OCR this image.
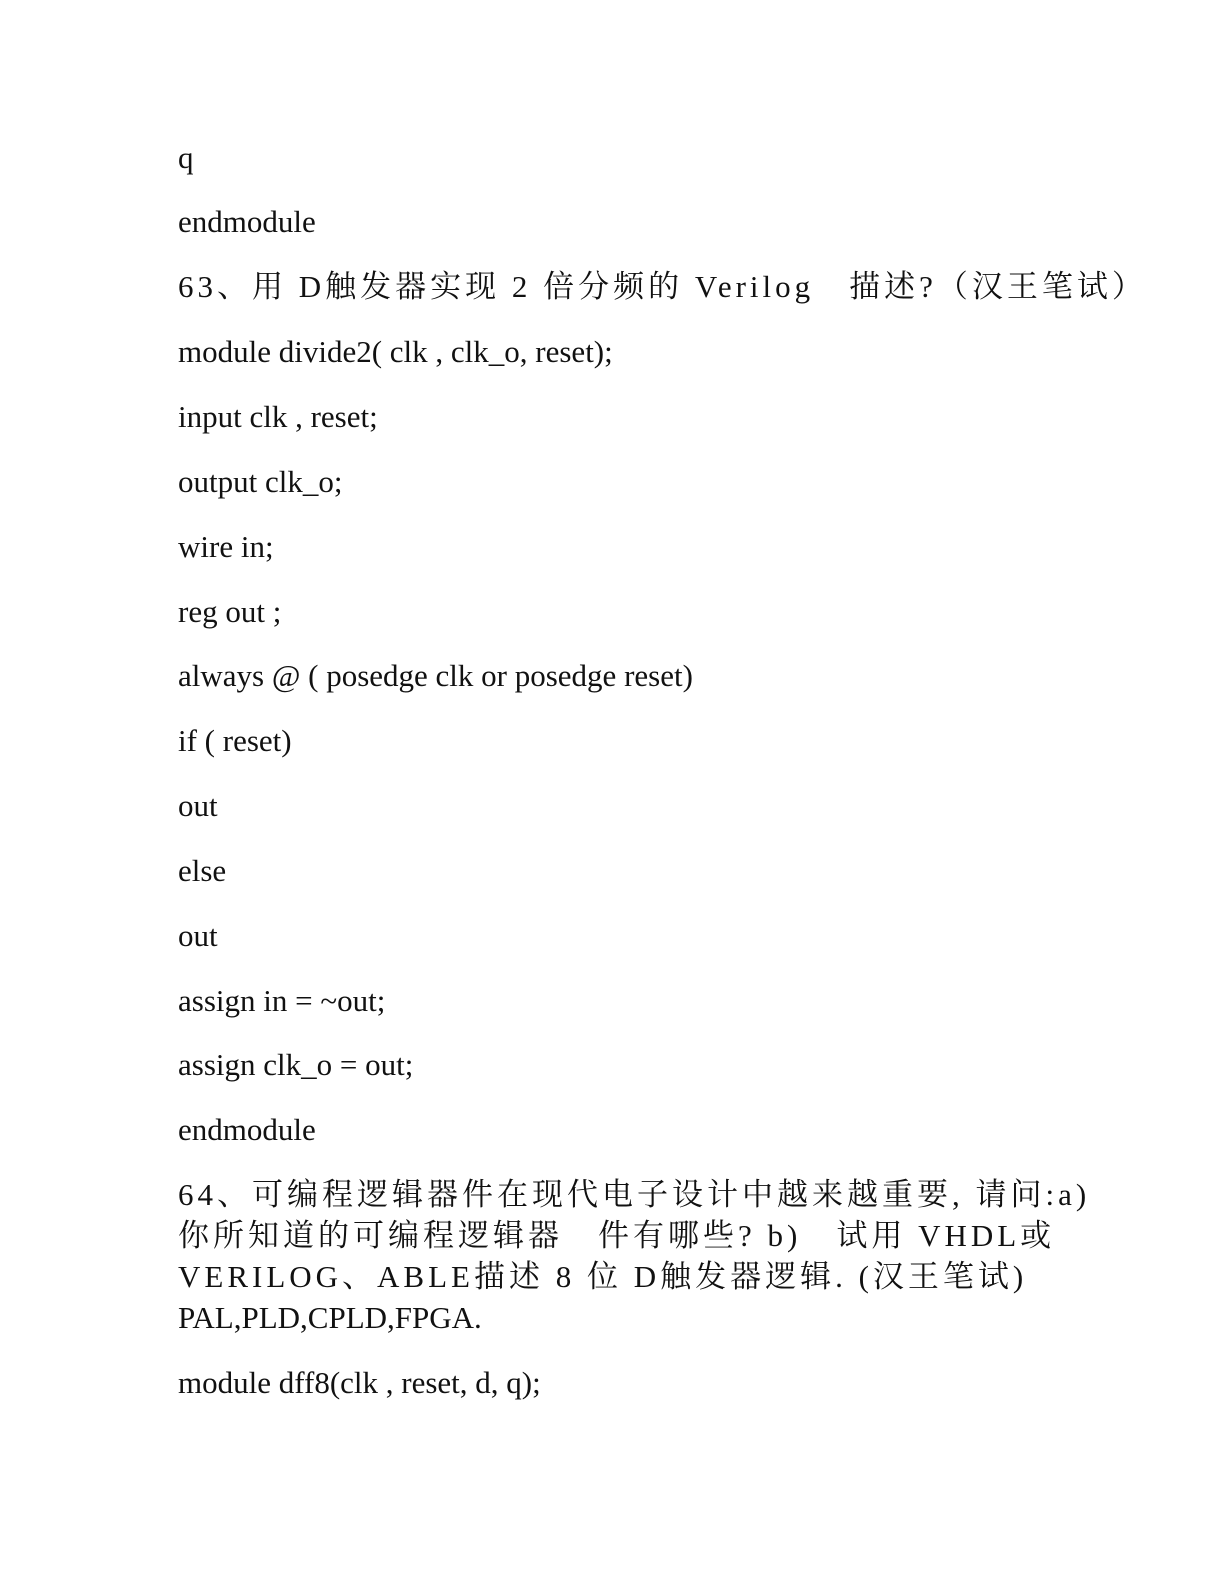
q
endmodule
63、用 D触发器实现 2 倍分频的 Verilog　描述?（汉王笔试）
module divide2( clk , clk_o, reset);
input clk , reset;
output clk_o;
wire in;
reg out ;
always @ ( posedge clk or posedge reset)
if ( reset)
out
else
out
assign in = ~out;
assign clk_o = out;
endmodule
64、可编程逻辑器件在现代电子设计中越来越重要, 请问:a)
你所知道的可编程逻辑器　件有哪些? b)　试用 VHDL或
VERILOG、ABLE描述 8 位 D触发器逻辑. (汉王笔试)
PAL,PLD,CPLD,FPGA.
module dff8(clk , reset, d, q);
